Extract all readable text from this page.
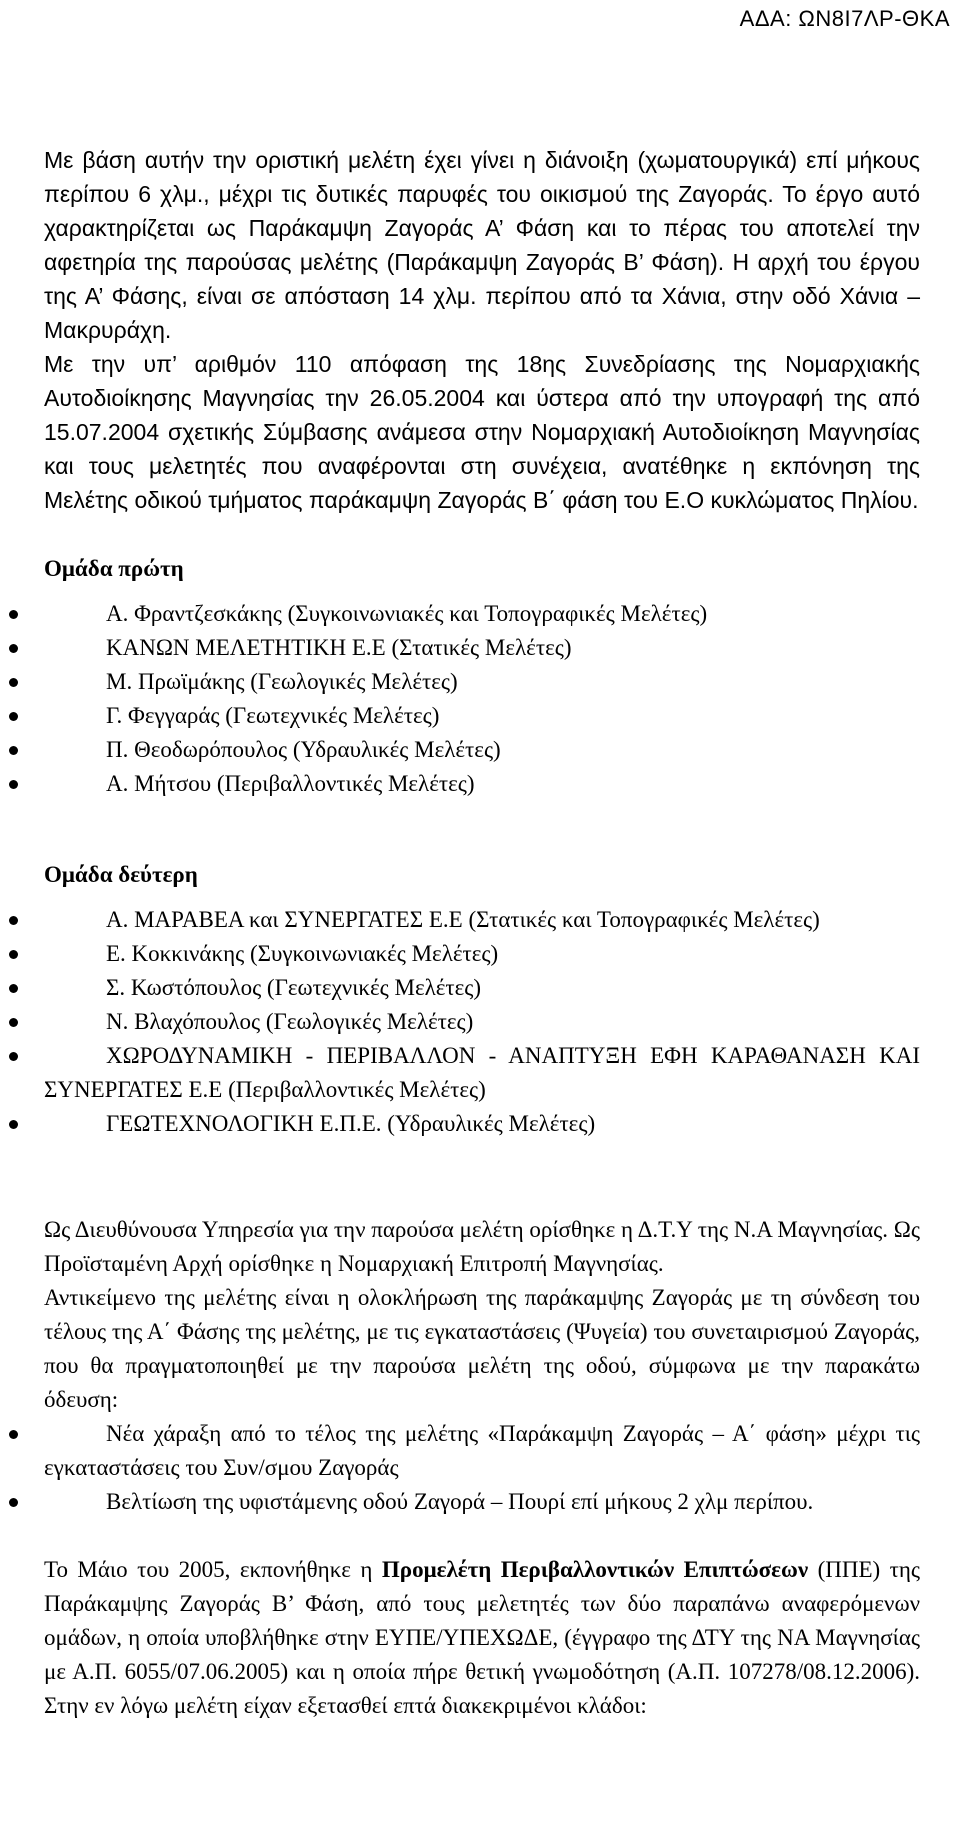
ΑΔΑ: ΩΝ8Ι7ΛΡ-ΘΚΑ

Με βάση αυτήν την οριστική μελέτη έχει γίνει η διάνοιξη (χωματουργικά) επί μήκους περίπου 6 χλμ., μέχρι τις δυτικές παρυφές του οικισμού της Ζαγοράς. Το έργο αυτό χαρακτηρίζεται ως Παράκαμψη Ζαγοράς Α’ Φάση και το πέρας του αποτελεί την αφετηρία της παρούσας μελέτης (Παράκαμψη Ζαγοράς Β’ Φάση). Η αρχή του έργου της Α’ Φάσης, είναι σε απόσταση 14 χλμ. περίπου από τα Χάνια, στην οδό Χάνια – Μακρυράχη.

Με την υπ’ αριθμόν 110 απόφαση της 18ης Συνεδρίασης της Νομαρχιακής Αυτοδιοίκησης Μαγνησίας την 26.05.2004 και ύστερα από την υπογραφή της από 15.07.2004 σχετικής Σύμβασης ανάμεσα στην Νομαρχιακή Αυτοδιοίκηση Μαγνησίας και τους μελετητές που αναφέρονται στη συνέχεια, ανατέθηκε η εκπόνηση της Μελέτης οδικού τμήματος παράκαμψη Ζαγοράς Β΄ φάση του Ε.Ο κυκλώματος Πηλίου.

Ομάδα πρώτη

Α. Φραντζεσκάκης (Συγκοινωνιακές και Τοπογραφικές Μελέτες)
ΚΑΝΩΝ ΜΕΛΕΤΗΤΙΚΗ Ε.Ε (Στατικές Μελέτες)
Μ. Πρωϊμάκης (Γεωλογικές Μελέτες)
Γ. Φεγγαράς (Γεωτεχνικές Μελέτες)
Π. Θεοδωρόπουλος (Υδραυλικές Μελέτες)
Α. Μήτσου (Περιβαλλοντικές Μελέτες)

Ομάδα δεύτερη

Α. ΜΑΡΑΒΕΑ και ΣΥΝΕΡΓΑΤΕΣ Ε.Ε (Στατικές και Τοπογραφικές Μελέτες)
Ε. Κοκκινάκης (Συγκοινωνιακές Μελέτες)
Σ. Κωστόπουλος (Γεωτεχνικές Μελέτες)
Ν. Βλαχόπουλος (Γεωλογικές Μελέτες)
ΧΩΡΟΔΥΝΑΜΙΚΗ - ΠΕΡΙΒΑΛΛΟΝ - ΑΝΑΠΤΥΞΗ ΕΦΗ ΚΑΡΑΘΑΝΑΣΗ ΚΑΙ ΣΥΝΕΡΓΑΤΕΣ Ε.Ε (Περιβαλλοντικές Μελέτες)
ΓΕΩΤΕΧΝΟΛΟΓΙΚΗ Ε.Π.Ε. (Υδραυλικές Μελέτες)

Ως Διευθύνουσα Υπηρεσία για την παρούσα μελέτη ορίσθηκε η Δ.Τ.Υ της Ν.Α Μαγνησίας. Ως Προϊσταμένη Αρχή ορίσθηκε η Νομαρχιακή Επιτροπή Μαγνησίας.

Αντικείμενο της μελέτης είναι η ολοκλήρωση της παράκαμψης Ζαγοράς με τη σύνδεση του τέλους της Α΄ Φάσης της μελέτης, με τις εγκαταστάσεις (Ψυγεία) του συνεταιρισμού Ζαγοράς, που θα πραγματοποιηθεί με την παρούσα μελέτη της οδού, σύμφωνα με την παρακάτω όδευση:

Νέα χάραξη από το τέλος της μελέτης «Παράκαμψη Ζαγοράς – Α΄ φάση» μέχρι τις εγκαταστάσεις του Συν/σμου Ζαγοράς
Βελτίωση της υφιστάμενης οδού Ζαγορά – Πουρί επί μήκους 2 χλμ περίπου.

Το Μάιο του 2005, εκπονήθηκε η Προμελέτη Περιβαλλοντικών Επιπτώσεων (ΠΠΕ) της Παράκαμψης Ζαγοράς Β’ Φάση, από τους μελετητές των δύο παραπάνω αναφερόμενων ομάδων, η οποία υποβλήθηκε στην ΕΥΠΕ/ΥΠΕΧΩΔΕ, (έγγραφο της ΔΤΥ της ΝΑ Μαγνησίας με Α.Π. 6055/07.06.2005) και η οποία πήρε θετική γνωμοδότηση (Α.Π. 107278/08.12.2006). Στην εν λόγω μελέτη είχαν εξετασθεί επτά διακεκριμένοι κλάδοι:
